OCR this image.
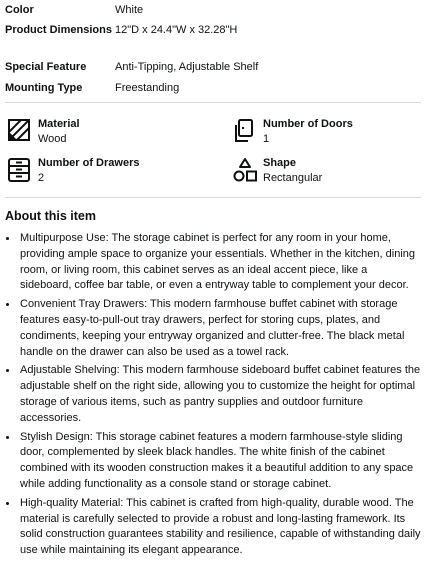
Color	White
Product Dimensions 12"D x 24.4"W x 32.28"H
Special Feature	Anti-Tipping, Adjustable Shelf
Mounting Type	Freestanding
Material
Wood
Number of Doors
1
Number of Drawers
2
Shape
Rectangular
About this item
• Multipurpose Use: The storage cabinet is perfect for any room in your home, providing ample space to organize your essentials. Whether in the kitchen, dining room, or living room, this cabinet serves as an ideal accent piece, like a sideboard, coffee bar table, or even a entryway table to complement your decor.
• Convenient Tray Drawers: This modern farmhouse buffet cabinet with storage features easy-to-pull-out tray drawers, perfect for storing cups, plates, and condiments, keeping your entryway organized and clutter-free. The black metal handle on the drawer can also be used as a towel rack.
• Adjustable Shelving: This modern farmhouse sideboard buffet cabinet features the adjustable shelf on the right side, allowing you to customize the height for optimal storage of various items, such as pantry supplies and outdoor furniture accessories.
• Stylish Design: This storage cabinet features a modern farmhouse-style sliding door, complemented by sleek black handles. The white finish of the cabinet combined with its wooden construction makes it a beautiful addition to any space while adding functionality as a console stand or storage cabinet.
• High-quality Material: This cabinet is crafted from high-quality, durable wood. The material is carefully selected to provide a robust and long-lasting framework. Its solid construction guarantees stability and resilience, capable of withstanding daily use while maintaining its elegant appearance.
